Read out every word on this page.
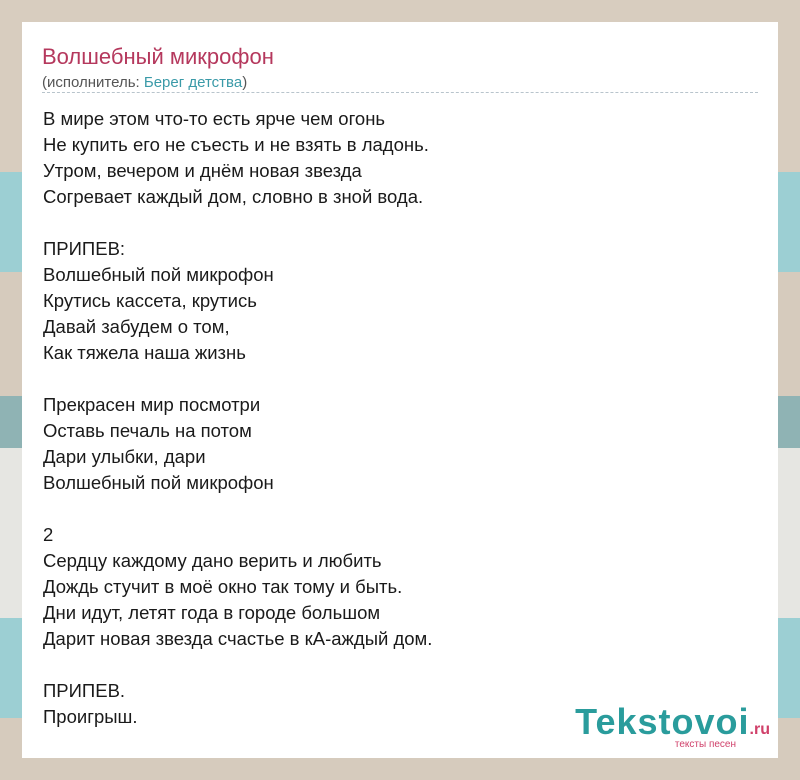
Волшебный микрофон
(исполнитель: Берег детства)
В мире этом что-то есть ярче чем огонь
Не купить его не съесть и не взять в ладонь.
Утром, вечером и днём новая звезда
Согревает каждый дом, словно в зной вода.
ПРИПЕВ:
Волшебный пой микрофон
Крутись кассета, крутись
Давай забудем о том,
Как тяжела наша жизнь
Прекрасен мир посмотри
Оставь печаль на потом
Дари улыбки, дари
Волшебный пой микрофон
2
Сердцу каждому дано верить и любить
Дождь стучит в моё окно так тому и быть.
Дни идут, летят года в городе большом
Дарит новая звезда счастье в кА-аждый дом.
ПРИПЕВ.
Проигрыш.	Tekstovoi.ru
тексты песен
